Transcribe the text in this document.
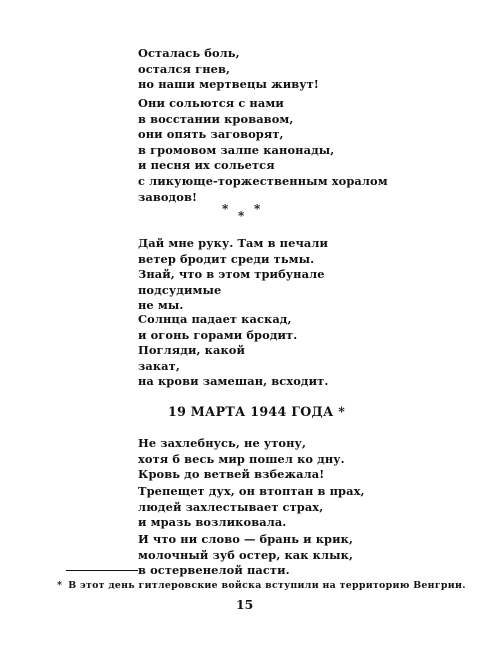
Осталась боль,
остался гнев,
но наши мертвецы живут!
Они сольются с нами
в восстании кровавом,
они опять заговорят,
в громовом залпе канонады,
и песня их сольется
с ликующе-торжественным хоралом
заводов!
* * *
Дай мне руку. Там в печали
ветер бродит среди тьмы.
Знай, что в этом трибунале
подсудимые
не мы.
Солнца падает каскад,
и огонь горами бродит.
Погляди, какой
закат,
на крови замешан, всходит.
19 МАРТА 1944 ГОДА *
Не захлебнусь, не утону,
хотя б весь мир пошел ко дну.
Кровь до ветвей взбежала!
Трепещет дух, он втоптан в прах,
людей захлестывает страх,
и мразь возликовала.
И что ни слово — брань и крик,
молочный зуб остер, как клык,
в остервенелой пасти.
* В этот день гитлеровские войска вступили на территорию Венгрии.
15
